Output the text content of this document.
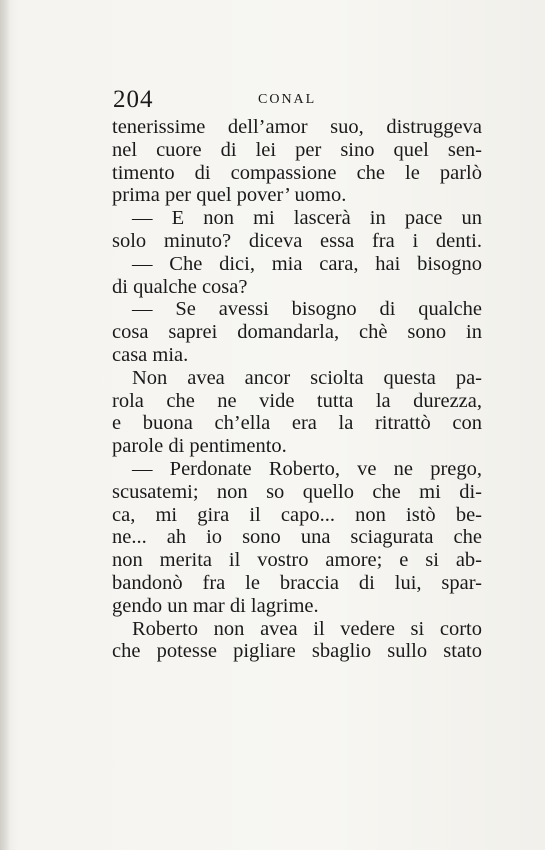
204	CONAL
tenerissime dell’amor suo, distruggeva
nel cuore di lei per sino quel sen-
timento di compassione che le parlò
prima per quel pover’ uomo.
— E non mi lascerà in pace un
solo minuto? diceva essa fra i denti.
— Che dici, mia cara, hai bisogno
di qualche cosa?
— Se avessi bisogno di qualche
cosa saprei domandarla, chè sono in
casa mia.
Non avea ancor sciolta questa pa-
rola che ne vide tutta la durezza,
e buona ch’ella era la ritrattò con
parole di pentimento.
— Perdonate Roberto, ve ne prego,
scusatemi; non so quello che mi di-
ca, mi gira il capo... non istò be-
ne... ah io sono una sciagurata che
non merita il vostro amore; e si ab-
bandonò fra le braccia di lui, spar-
gendo un mar di lagrime.
Roberto non avea il vedere si corto
che potesse pigliare sbaglio sullo stato
